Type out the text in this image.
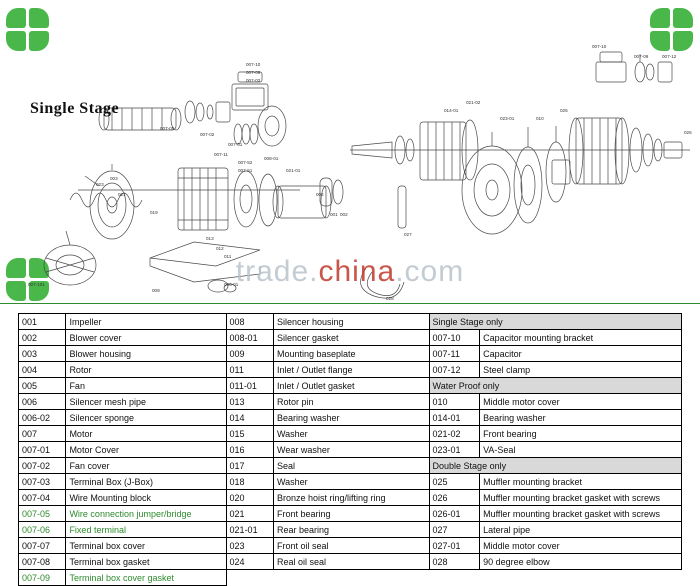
007-10
007-09
007-03
007-05
007-02
007-01
007-11
007-52
007-51
008-01
021-01
023
003
021
019
013
012
011
009
006-01
007-101
004
001 002
007-10
007-09	007-12
014-01
021-02
023-01	010
025
026
027
028
Single Stage
trade.china.com
001	Impeller	008	Silencer housing	Single Stage only	
002	Blower cover	008-01	Silencer gasket	007-10	Capacitor mounting bracket
003	Blower housing	009	Mounting baseplate	007-11	Capacitor
004	Rotor	011	Inlet / Outlet flange	007-12	Steel clamp
005	Fan	011-01	Inlet / Outlet gasket	Water Proof only	
006	Silencer mesh pipe	013	Rotor pin	010	Middle motor cover
006-02	Silencer sponge	014	Bearing washer	014-01	Bearing washer
007	Motor	015	Washer	021-02	Front bearing
007-01	Motor Cover	016	Wear washer	023-01	VA-Seal
007-02	Fan cover	017	Seal	Double Stage only	
007-03	Terminal Box (J-Box)	018	Washer	025	Muffler mounting bracket
007-04	Wire Mounting block	020	Bronze hoist ring/lifting ring	026	Muffler mounting bracket gasket with screws
007-05	Wire connection jumper/bridge	021	Front bearing	026-01	Muffler mounting bracket gasket with screws
007-06	Fixed terminal	021-01	Rear bearing	027	Lateral pipe
007-07	Terminal box cover	023	Front oil seal	027-01	Middle motor cover
007-08	Terminal box gasket	024	Real oil seal	028	90 degree elbow
007-09	Terminal box cover gasket				
